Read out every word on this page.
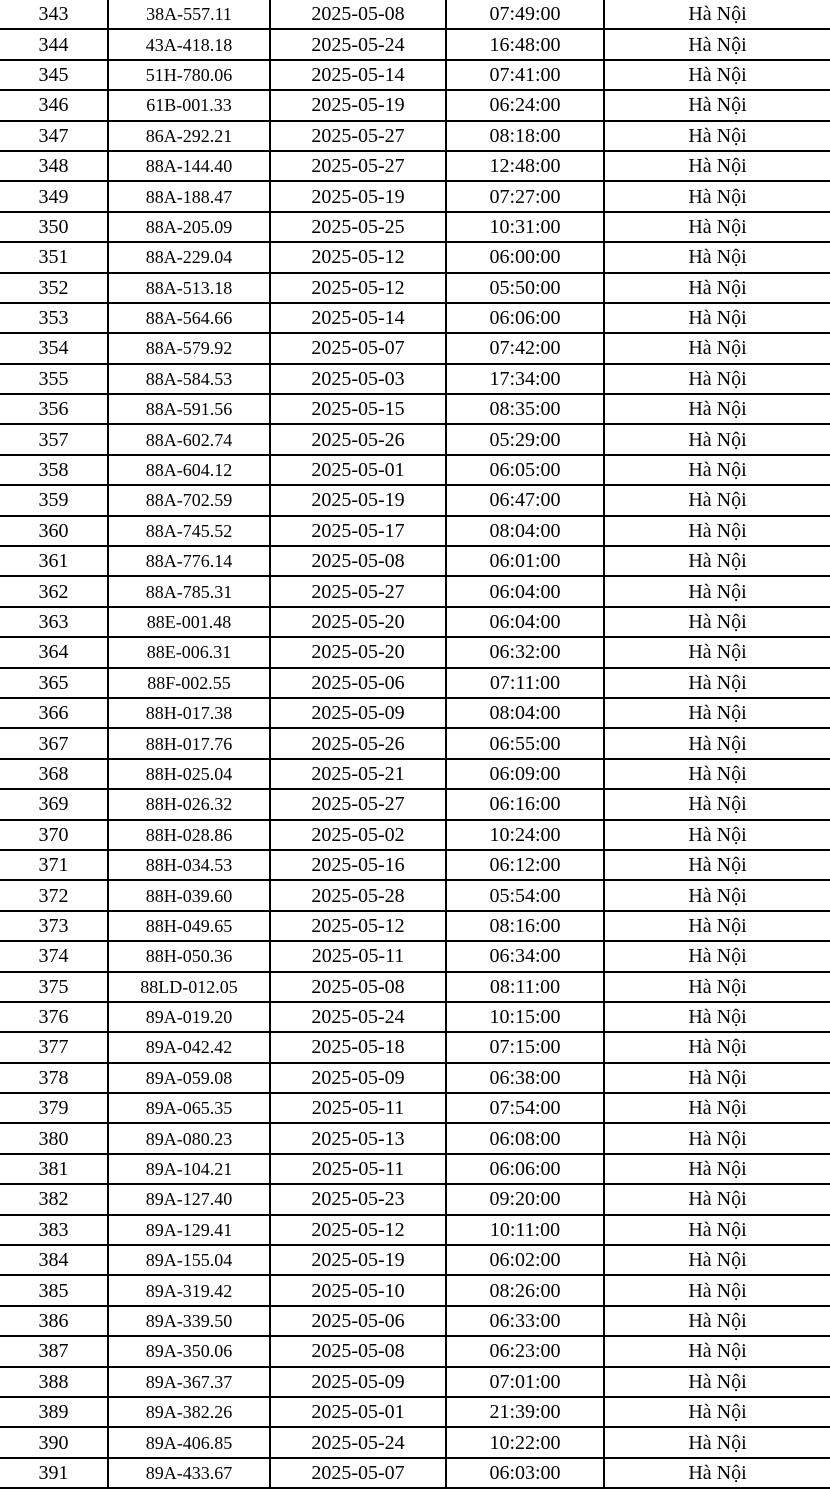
343	38A-557.11	2025-05-08	07:49:00	Hà Nội
344	43A-418.18	2025-05-24	16:48:00	Hà Nội
345	51H-780.06	2025-05-14	07:41:00	Hà Nội
346	61B-001.33	2025-05-19	06:24:00	Hà Nội
347	86A-292.21	2025-05-27	08:18:00	Hà Nội
348	88A-144.40	2025-05-27	12:48:00	Hà Nội
349	88A-188.47	2025-05-19	07:27:00	Hà Nội
350	88A-205.09	2025-05-25	10:31:00	Hà Nội
351	88A-229.04	2025-05-12	06:00:00	Hà Nội
352	88A-513.18	2025-05-12	05:50:00	Hà Nội
353	88A-564.66	2025-05-14	06:06:00	Hà Nội
354	88A-579.92	2025-05-07	07:42:00	Hà Nội
355	88A-584.53	2025-05-03	17:34:00	Hà Nội
356	88A-591.56	2025-05-15	08:35:00	Hà Nội
357	88A-602.74	2025-05-26	05:29:00	Hà Nội
358	88A-604.12	2025-05-01	06:05:00	Hà Nội
359	88A-702.59	2025-05-19	06:47:00	Hà Nội
360	88A-745.52	2025-05-17	08:04:00	Hà Nội
361	88A-776.14	2025-05-08	06:01:00	Hà Nội
362	88A-785.31	2025-05-27	06:04:00	Hà Nội
363	88E-001.48	2025-05-20	06:04:00	Hà Nội
364	88E-006.31	2025-05-20	06:32:00	Hà Nội
365	88F-002.55	2025-05-06	07:11:00	Hà Nội
366	88H-017.38	2025-05-09	08:04:00	Hà Nội
367	88H-017.76	2025-05-26	06:55:00	Hà Nội
368	88H-025.04	2025-05-21	06:09:00	Hà Nội
369	88H-026.32	2025-05-27	06:16:00	Hà Nội
370	88H-028.86	2025-05-02	10:24:00	Hà Nội
371	88H-034.53	2025-05-16	06:12:00	Hà Nội
372	88H-039.60	2025-05-28	05:54:00	Hà Nội
373	88H-049.65	2025-05-12	08:16:00	Hà Nội
374	88H-050.36	2025-05-11	06:34:00	Hà Nội
375	88LD-012.05	2025-05-08	08:11:00	Hà Nội
376	89A-019.20	2025-05-24	10:15:00	Hà Nội
377	89A-042.42	2025-05-18	07:15:00	Hà Nội
378	89A-059.08	2025-05-09	06:38:00	Hà Nội
379	89A-065.35	2025-05-11	07:54:00	Hà Nội
380	89A-080.23	2025-05-13	06:08:00	Hà Nội
381	89A-104.21	2025-05-11	06:06:00	Hà Nội
382	89A-127.40	2025-05-23	09:20:00	Hà Nội
383	89A-129.41	2025-05-12	10:11:00	Hà Nội
384	89A-155.04	2025-05-19	06:02:00	Hà Nội
385	89A-319.42	2025-05-10	08:26:00	Hà Nội
386	89A-339.50	2025-05-06	06:33:00	Hà Nội
387	89A-350.06	2025-05-08	06:23:00	Hà Nội
388	89A-367.37	2025-05-09	07:01:00	Hà Nội
389	89A-382.26	2025-05-01	21:39:00	Hà Nội
390	89A-406.85	2025-05-24	10:22:00	Hà Nội
391	89A-433.67	2025-05-07	06:03:00	Hà Nội
